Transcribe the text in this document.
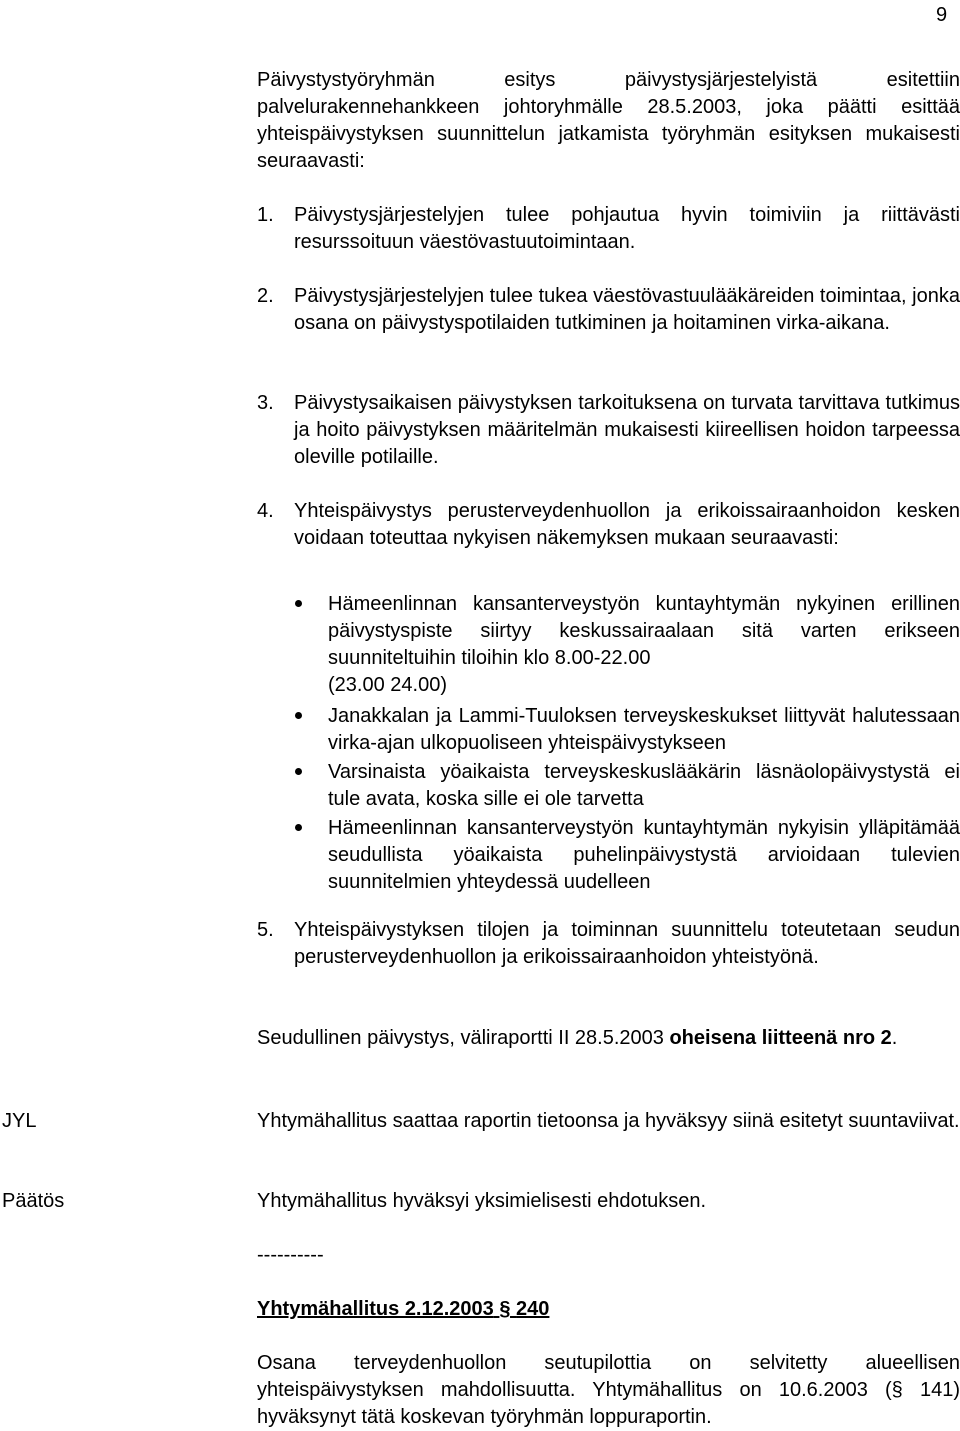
9
Päivystystyöryhmän esitys päivystysjärjestelyistä esitettiin palvelurakennehankkeen johtoryhmälle 28.5.2003, joka päätti esittää yhteispäivystyksen suunnittelun jatkamista työryhmän esityksen mukaisesti seuraavasti:
1.	Päivystysjärjestelyjen tulee pohjautua hyvin toimiviin ja riittävästi resurssoituun väestövastuutoimintaan.
2.	Päivystysjärjestelyjen tulee tukea väestövastuulääkäreiden toimintaa, jonka osana on päivystyspotilaiden tutkiminen ja hoitaminen virka-aikana.
3.	Päivystysaikaisen päivystyksen tarkoituksena on turvata tarvittava tutkimus ja hoito päivystyksen määritelmän mukaisesti kiireellisen hoidon tarpeessa oleville potilaille.
4.	Yhteispäivystys perusterveydenhuollon ja erikoissairaanhoidon kesken voidaan toteuttaa nykyisen näkemyksen mukaan seuraavasti:
Hämeenlinnan kansanterveystyön kuntayhtymän nykyinen erillinen päivystyspiste siirtyy keskussairaalaan sitä varten erikseen suunniteltuihin tiloihin klo 8.00-22.00
(23.00 24.00)
Janakkalan ja Lammi-Tuuloksen terveyskeskukset liittyvät halutessaan virka-ajan ulkopuoliseen yhteispäivystykseen
Varsinaista yöaikaista terveyskeskuslääkärin läsnäolopäivystystä ei tule avata, koska sille ei ole tarvetta
Hämeenlinnan kansanterveystyön kuntayhtymän nykyisin ylläpitämää seudullista yöaikaista puhelinpäivystystä arvioidaan tulevien suunnitelmien yhteydessä uudelleen
5.	Yhteispäivystyksen tilojen ja toiminnan suunnittelu toteutetaan seudun perusterveydenhuollon ja erikoissairaanhoidon yhteistyönä.
Seudullinen päivystys, väliraportti II 28.5.2003 oheisena liitteenä nro 2.
JYL	Yhtymähallitus saattaa raportin tietoonsa ja hyväksyy siinä esitetyt suuntaviivat.
Päätös	Yhtymähallitus hyväksyi yksimielisesti ehdotuksen.
----------
Yhtymähallitus 2.12.2003 § 240
Osana terveydenhuollon seutupilottia on selvitetty alueellisen yhteispäivystyksen mahdollisuutta. Yhtymähallitus on 10.6.2003 (§ 141) hyväksynyt tätä koskevan työryhmän loppuraportin.
